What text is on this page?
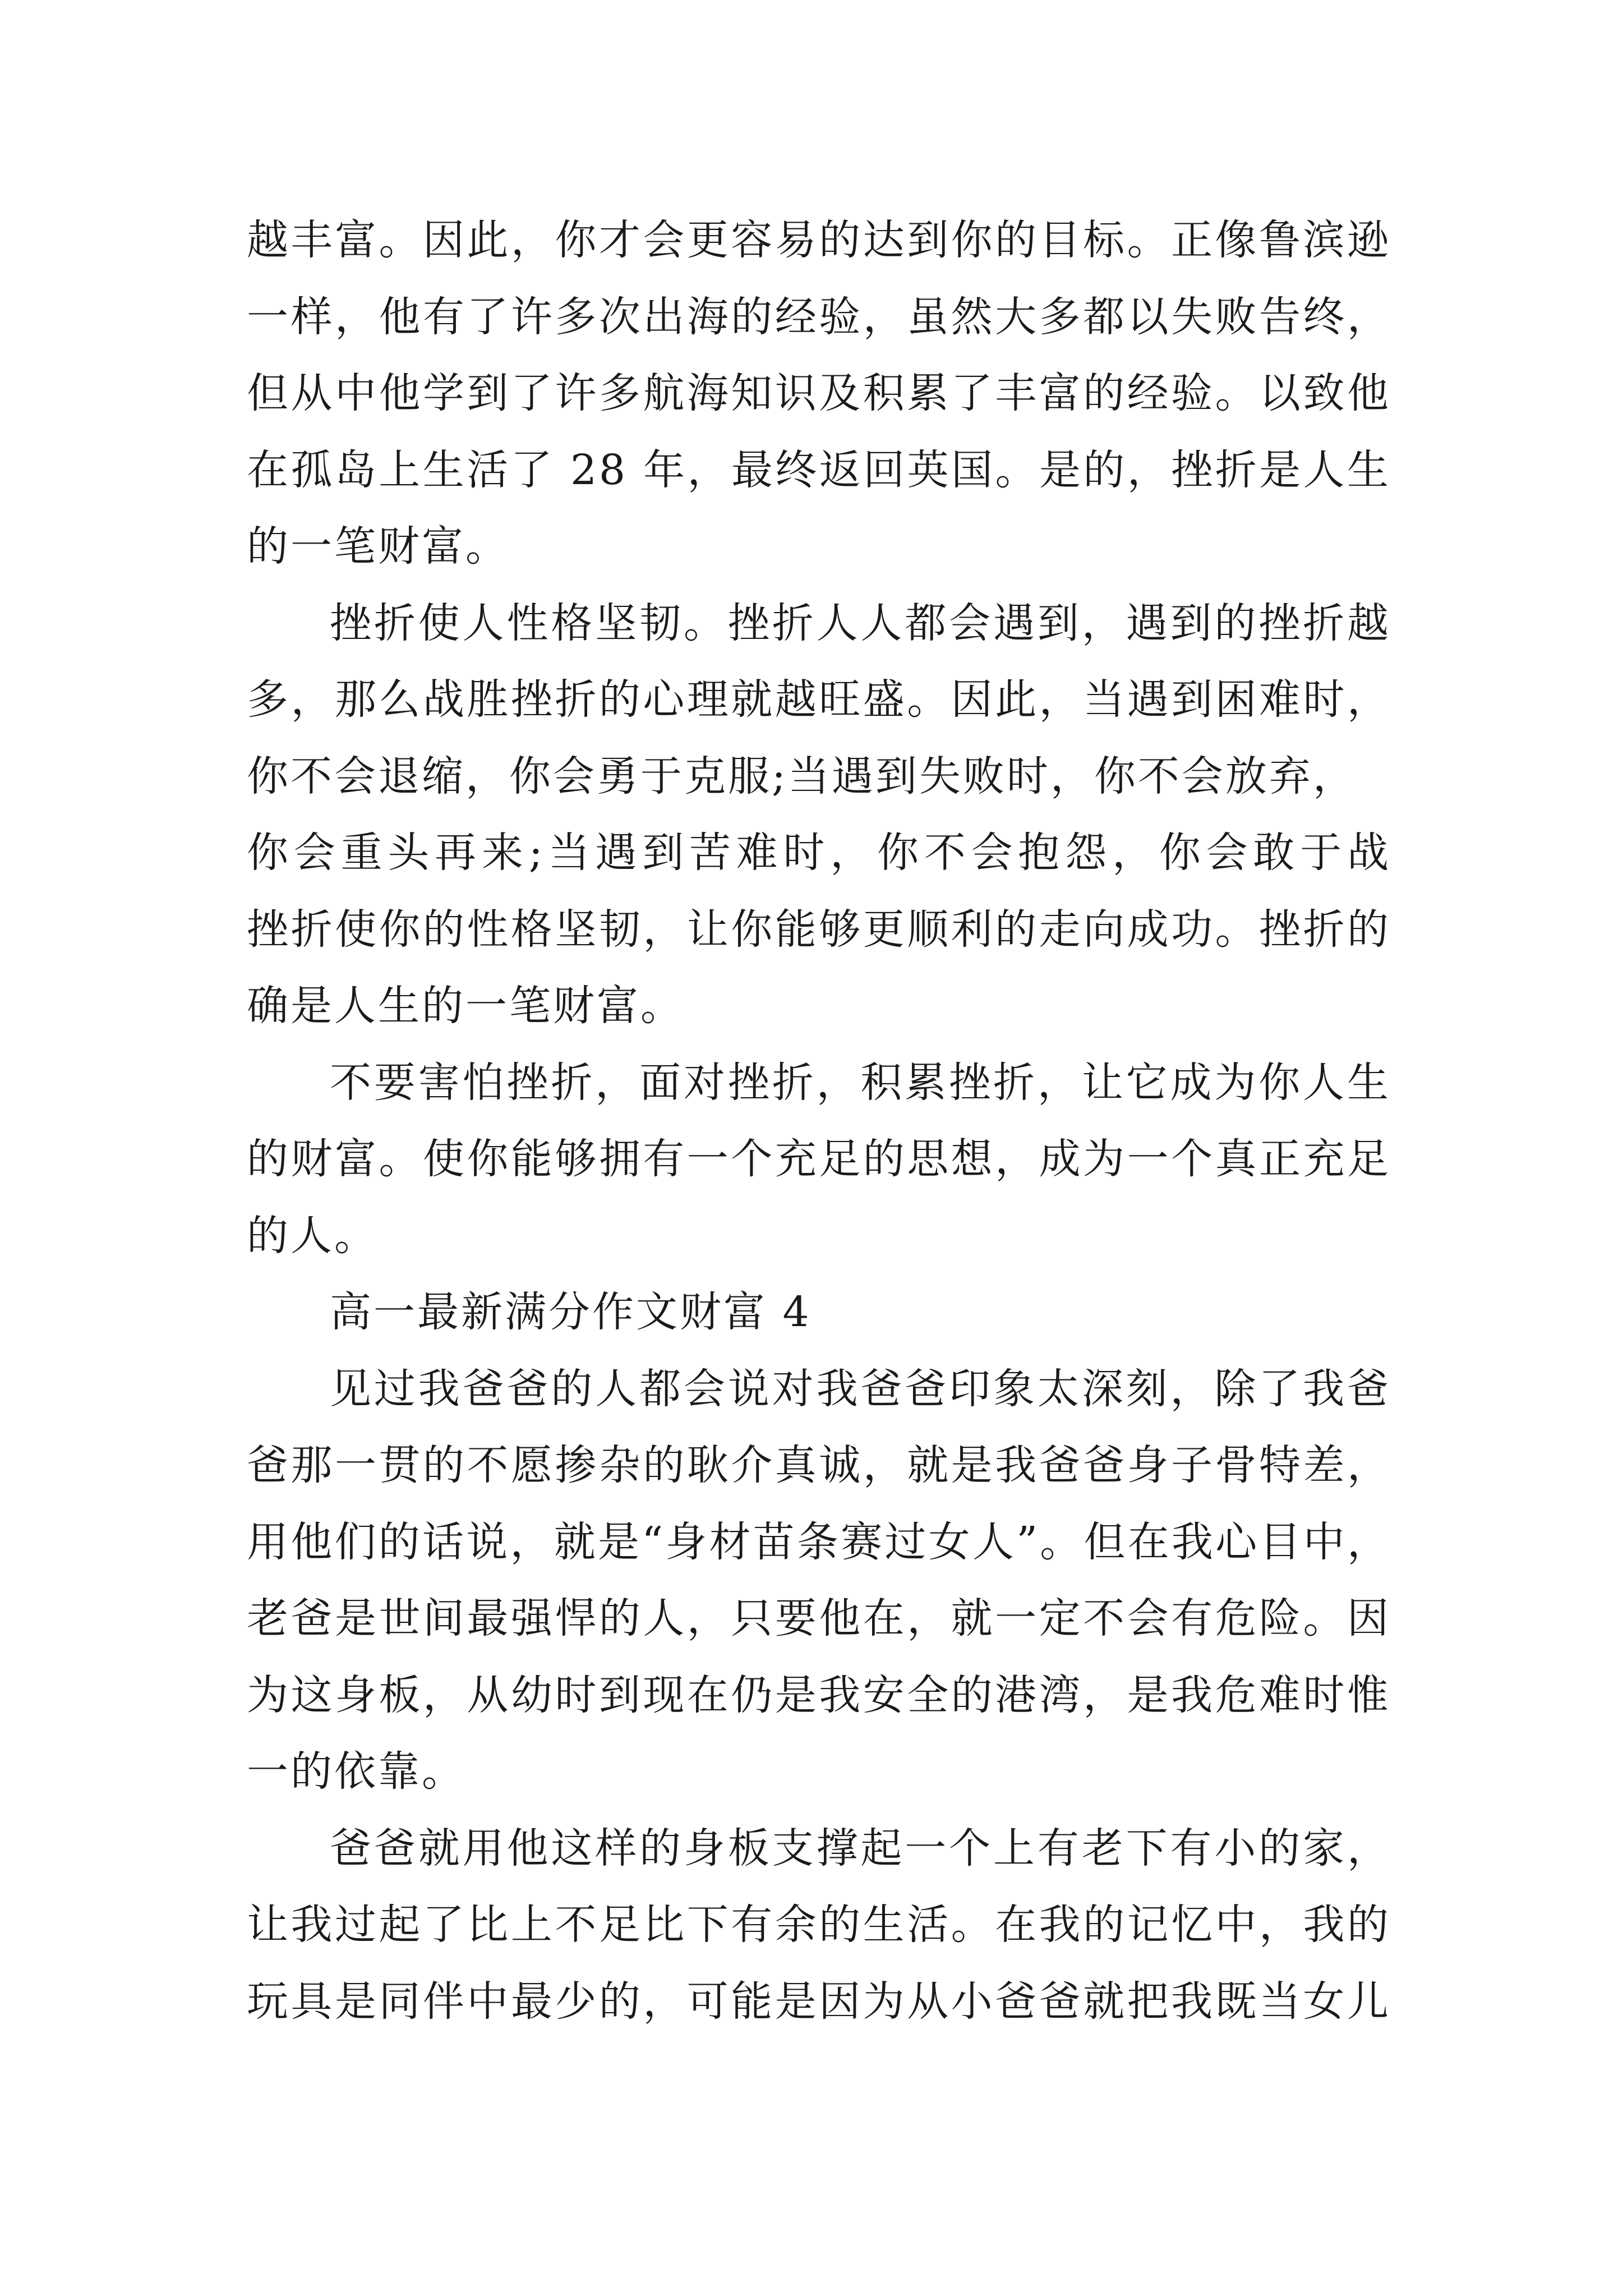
越丰富。因此，你才会更容易的达到你的目标。正像鲁滨逊
一样，他有了许多次出海的经验，虽然大多都以失败告终，
但从中他学到了许多航海知识及积累了丰富的经验。以致他
在孤岛上生活了 28 年，最终返回英国。是的，挫折是人生
的一笔财富。
挫折使人性格坚韧。挫折人人都会遇到，遇到的挫折越
多，那么战胜挫折的心理就越旺盛。因此，当遇到困难时，
你不会退缩，你会勇于克服;当遇到失败时，你不会放弃，
你会重头再来;当遇到苦难时，你不会抱怨，你会敢于战
挫折使你的性格坚韧，让你能够更顺利的走向成功。挫折的
确是人生的一笔财富。
不要害怕挫折，面对挫折，积累挫折，让它成为你人生
的财富。使你能够拥有一个充足的思想，成为一个真正充足
的人。
高一最新满分作文财富 4
见过我爸爸的人都会说对我爸爸印象太深刻，除了我爸
爸那一贯的不愿掺杂的耿介真诚，就是我爸爸身子骨特差，
用他们的话说，就是“身材苗条赛过女人”。但在我心目中，
老爸是世间最强悍的人，只要他在，就一定不会有危险。因
为这身板，从幼时到现在仍是我安全的港湾，是我危难时惟
一的依靠。
爸爸就用他这样的身板支撑起一个上有老下有小的家，
让我过起了比上不足比下有余的生活。在我的记忆中，我的
玩具是同伴中最少的，可能是因为从小爸爸就把我既当女儿
